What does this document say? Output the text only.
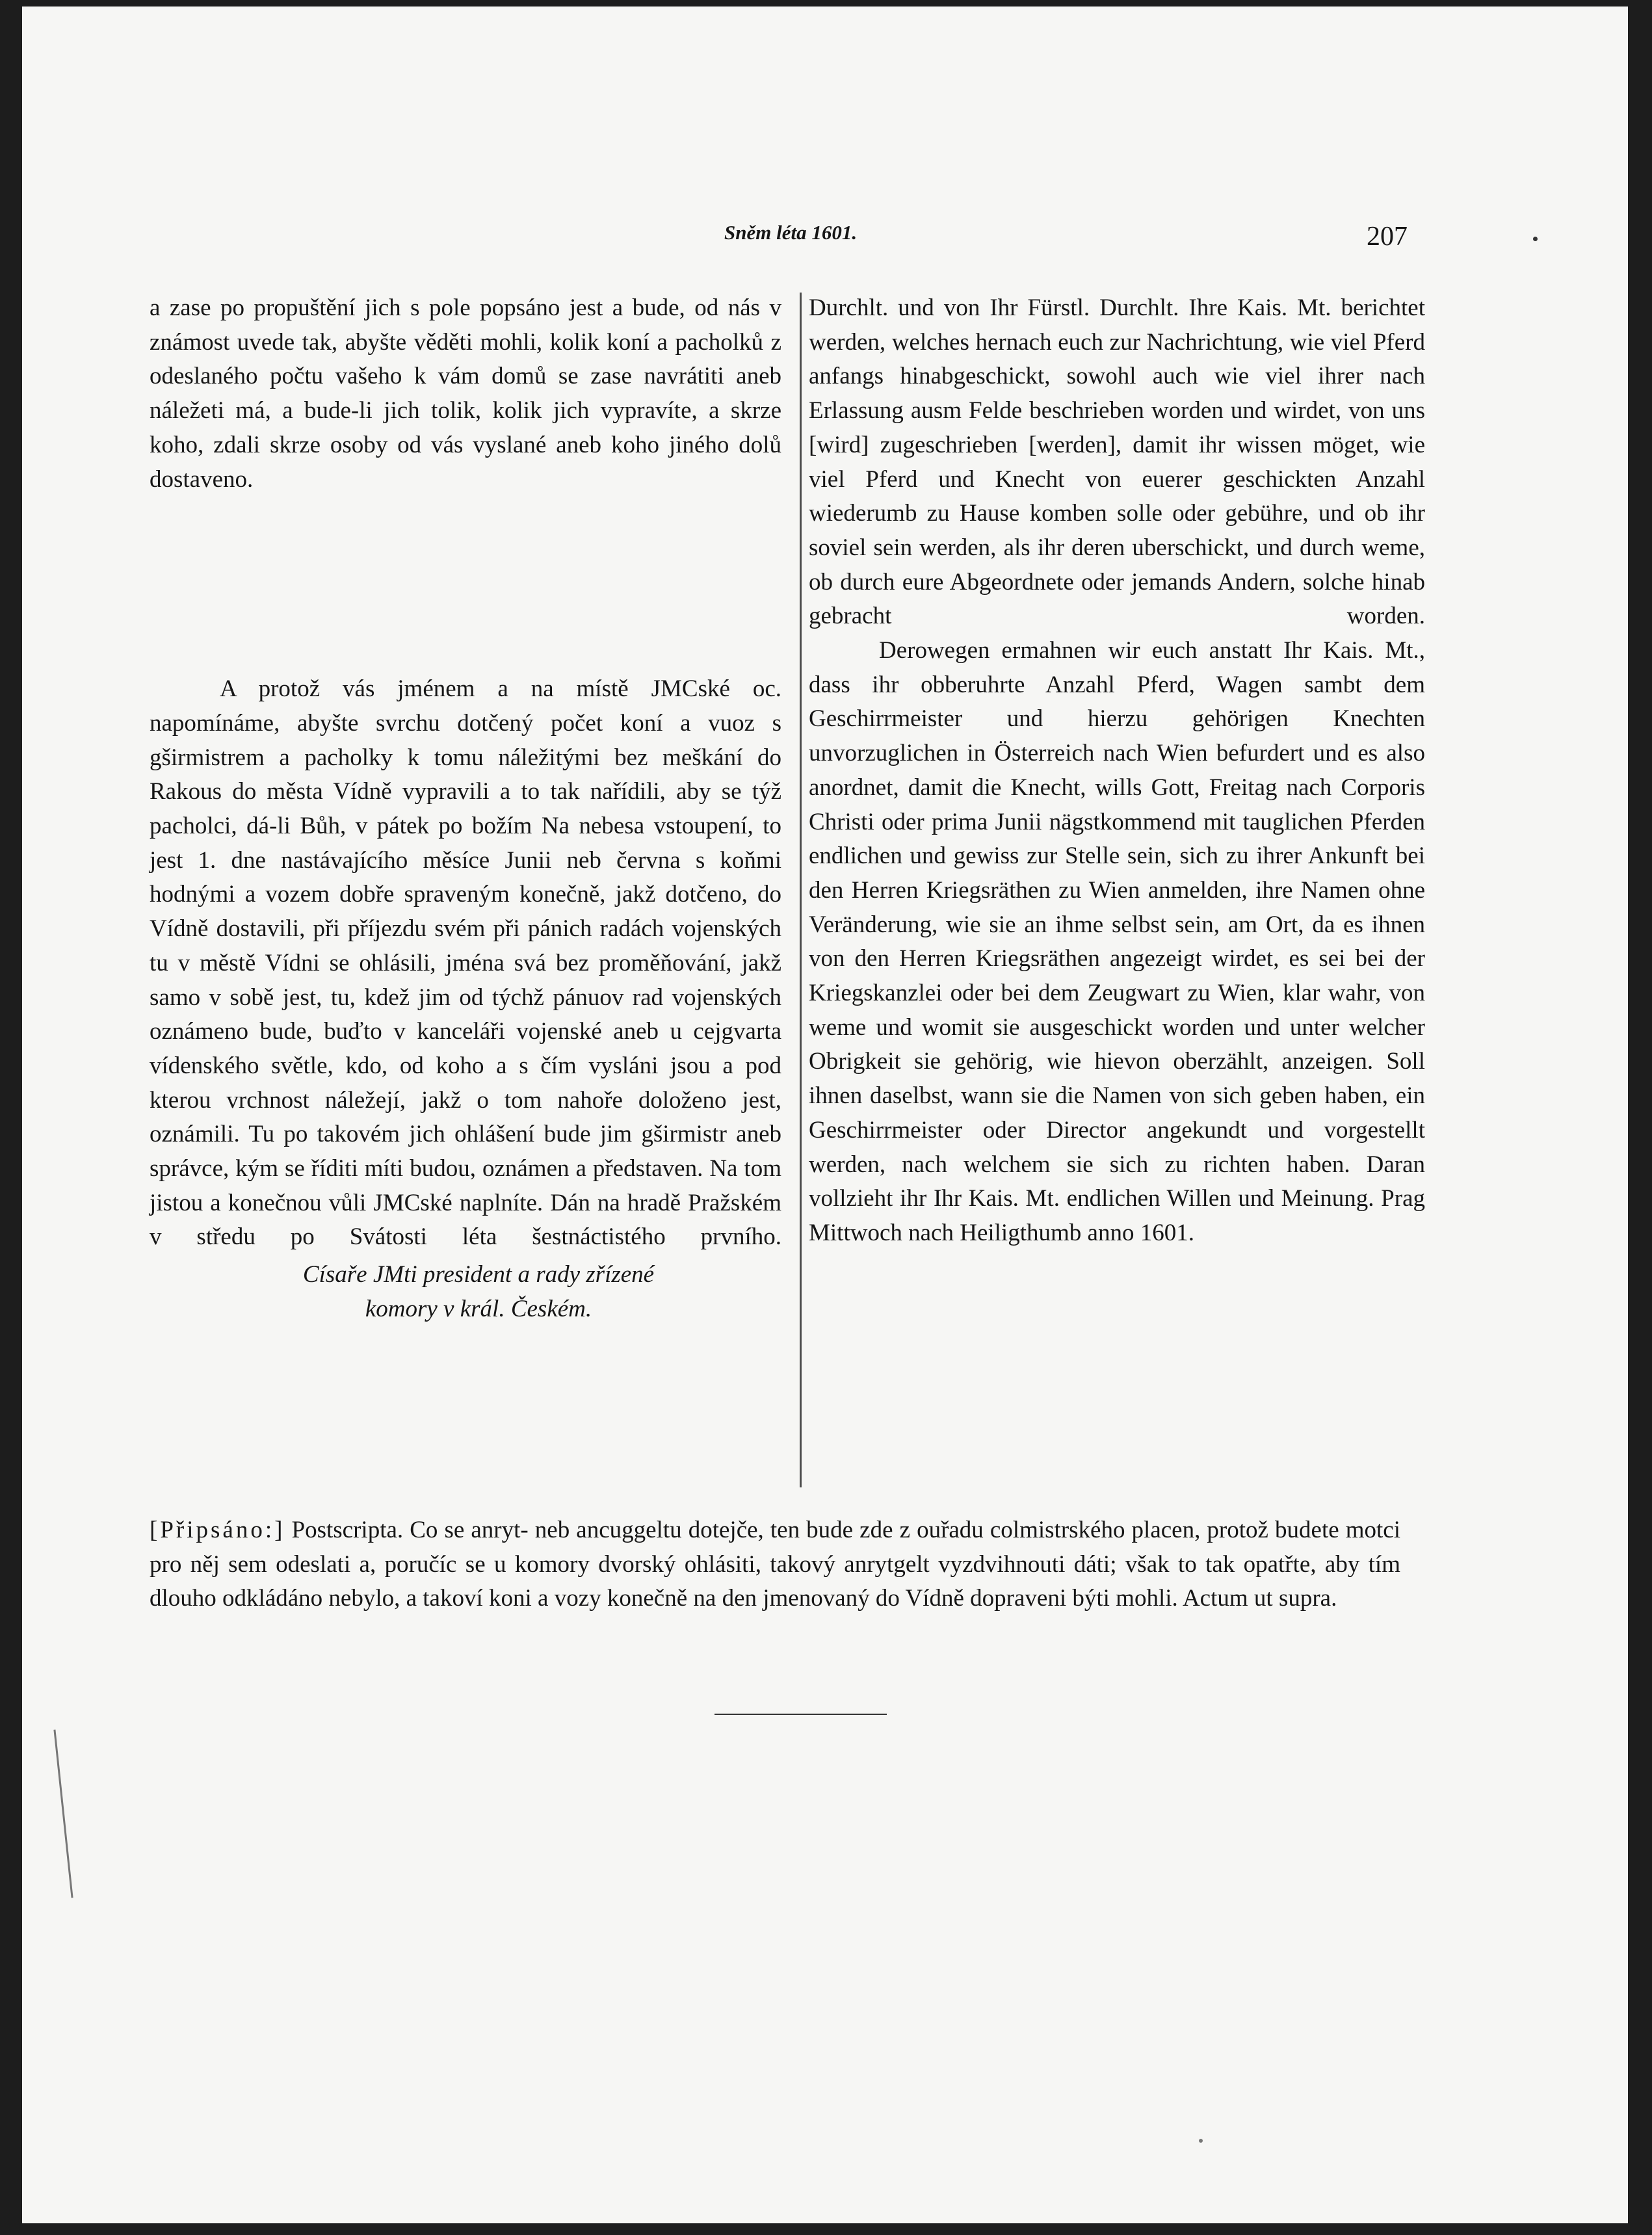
Sněm léta 1601.	207

a zase po propuštění jich s pole popsáno jest a bude, od nás v známost uvede tak, abyšte věděti mohli, kolik koní a pacholků z odeslaného počtu vašeho k vám domů se zase navrátiti aneb náležeti má, a bude-li jich tolik, kolik jich vypravíte, a skrze koho, zdali skrze osoby od vás vyslané aneb koho jiného dolů dostaveno.

A protož vás jménem a na místě JMCské oc. napomínáme, abyšte svrchu dotčený počet koní a vuoz s gširmistrem a pacholky k tomu náležitými bez meškání do Rakous do města Vídně vypravili a to tak nařídili, aby se týž pacholci, dá-li Bůh, v pátek po božím Na nebesa vstoupení, to jest 1. dne nastávajícího měsíce Junii neb června s koňmi hodnými a vozem dobře spraveným konečně, jakž dotčeno, do Vídně dostavili, při příjezdu svém při pánich radách vojenských tu v městě Vídni se ohlásili, jména svá bez proměňování, jakž samo v sobě jest, tu, kdež jim od týchž pánuov rad vojenských oznámeno bude, buďto v kanceláři vojenské aneb u cejgvarta vídenského světle, kdo, od koho a s čím vysláni jsou a pod kterou vrchnost náležejí, jakž o tom nahoře doloženo jest, oznámili. Tu po takovém jich ohlášení bude jim gširmistr aneb správce, kým se říditi míti budou, oznámen a představen. Na tom jistou a konečnou vůli JMCské naplníte. Dán na hradě Pražském v středu po Svátosti léta šestnáctistého prvního.

Císaře JMti president a rady zřízené
komory v král. Českém.

Durchlt. und von Ihr Fürstl. Durchlt. Ihre Kais. Mt. berichtet werden, welches hernach euch zur Nachrichtung, wie viel Pferd anfangs hinabgeschickt, sowohl auch wie viel ihrer nach Erlassung ausm Felde beschrieben worden und wirdet, von uns [wird] zugeschrieben [werden], damit ihr wissen möget, wie viel Pferd und Knecht von euerer geschickten Anzahl wiederumb zu Hause komben solle oder gebühre, und ob ihr soviel sein werden, als ihr deren uberschickt, und durch weme, ob durch eure Abgeordnete oder jemands Andern, solche hinab gebracht worden.

Derowegen ermahnen wir euch anstatt Ihr Kais. Mt., dass ihr obberuhrte Anzahl Pferd, Wagen sambt dem Geschirrmeister und hierzu gehörigen Knechten unvorzuglichen in Österreich nach Wien befurdert und es also anordnet, damit die Knecht, wills Gott, Freitag nach Corporis Christi oder prima Junii nägstkommend mit tauglichen Pferden endlichen und gewiss zur Stelle sein, sich zu ihrer Ankunft bei den Herren Kriegsräthen zu Wien anmelden, ihre Namen ohne Veränderung, wie sie an ihme selbst sein, am Ort, da es ihnen von den Herren Kriegsräthen angezeigt wirdet, es sei bei der Kriegskanzlei oder bei dem Zeugwart zu Wien, klar wahr, von weme und womit sie ausgeschickt worden und unter welcher Obrigkeit sie gehörig, wie hievon oberzählt, anzeigen. Soll ihnen daselbst, wann sie die Namen von sich geben haben, ein Geschirrmeister oder Director angekundt und vorgestellt werden, nach welchem sie sich zu richten haben. Daran vollzieht ihr Ihr Kais. Mt. endlichen Willen und Meinung. Prag Mittwoch nach Heiligthumb anno 1601.

[Připsáno:] Postscripta. Co se anryt- neb ancuggeltu dotejče, ten bude zde z ouřadu colmistrského placen, protož budete motci pro něj sem odeslati a, poručíc se u komory dvorský ohlásiti, takový anrytgelt vyzdvihnouti dáti; však to tak opatřte, aby tím dlouho odkládáno nebylo, a takoví koni a vozy konečně na den jmenovaný do Vídně dopraveni býti mohli. Actum ut supra.
